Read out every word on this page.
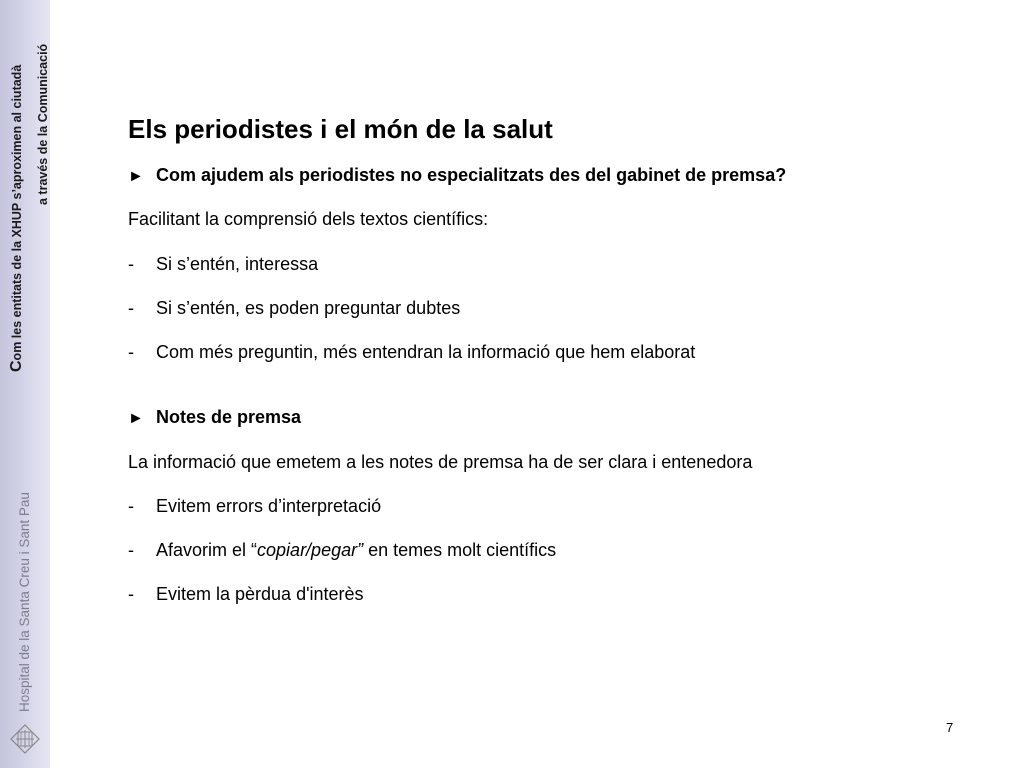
Com les entitats de la XHUP s’aproximen al ciutadà a través de la Comunicació
Hospital de la Santa Creu i Sant Pau
Els periodistes i el món de la salut
► Com ajudem als periodistes no especialitzats des del gabinet de premsa?
Facilitant la comprensió dels textos científics:
- Si s’entén, interessa
- Si s’entén, es poden preguntar dubtes
- Com més preguntin, més entendran la informació que hem elaborat
► Notes de premsa
La informació que emetem a les notes de premsa ha de ser clara i entenedora
- Evitem errors d’interpretació
- Afavorim el “copiar/pegar” en temes molt científics
- Evitem la pèrdua d'interès
7
